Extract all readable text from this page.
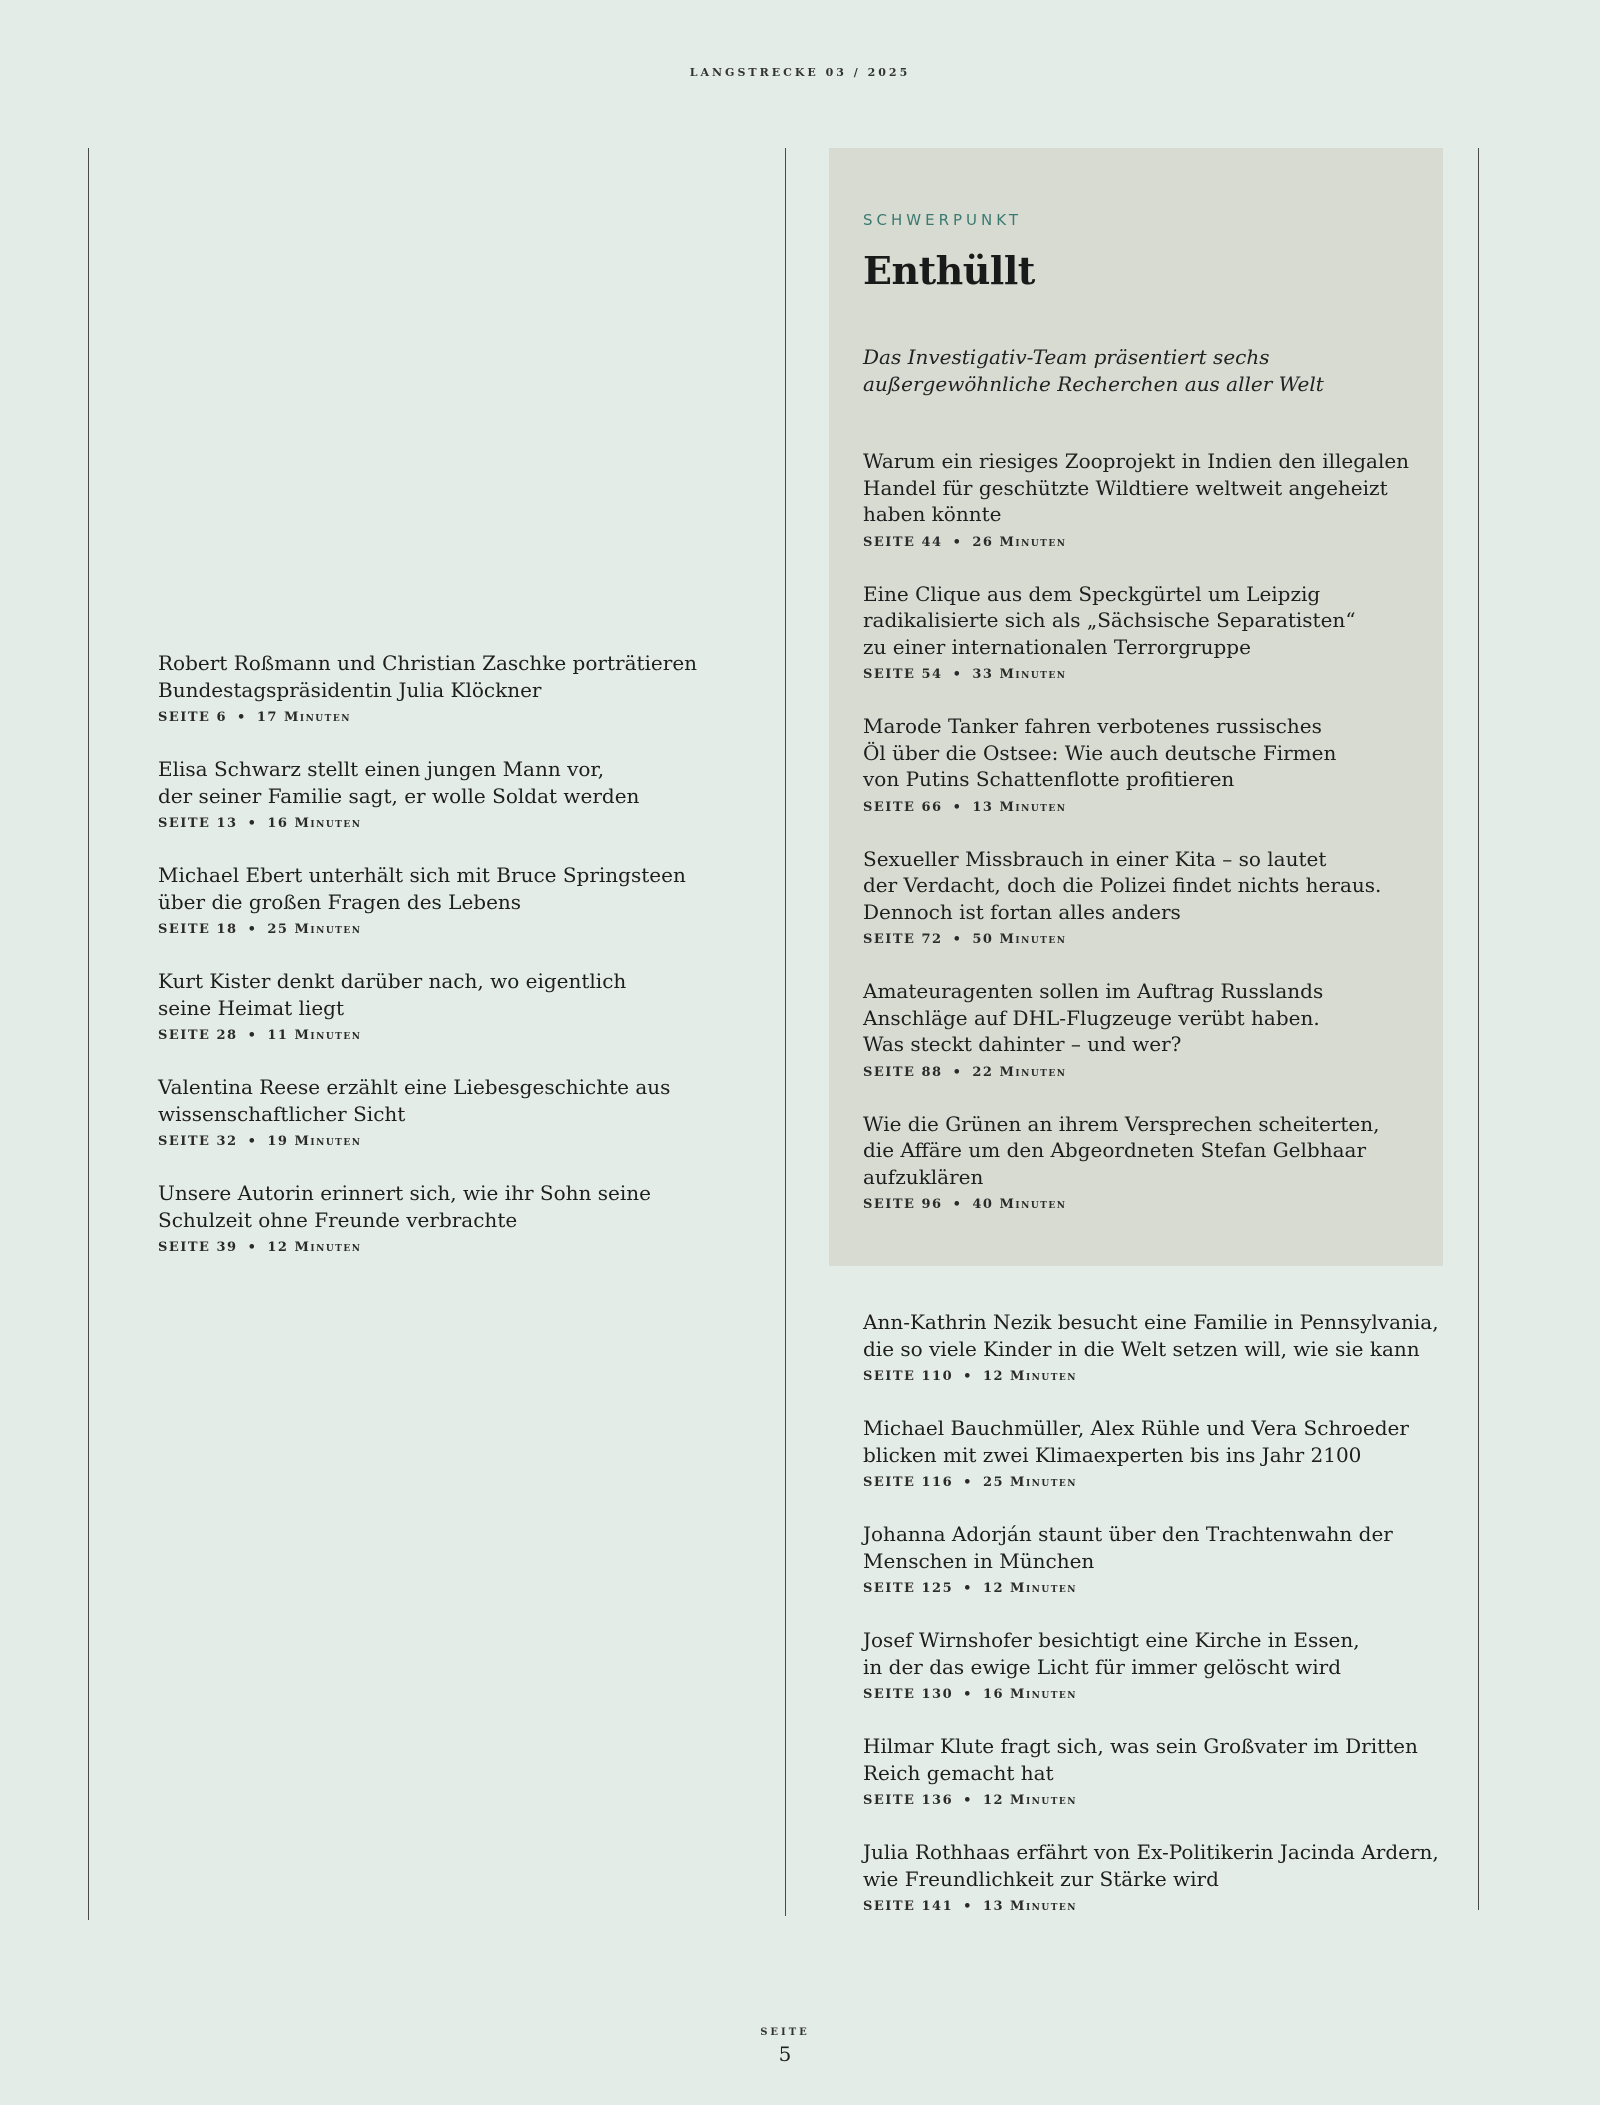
LANGSTRECKE 03 / 2025
Robert Roßmann und Christian Zaschke porträtieren
Bundestagspräsidentin Julia Klöckner
SEITE 6 • 17 Minuten
Elisa Schwarz stellt einen jungen Mann vor,
der seiner Familie sagt, er wolle Soldat werden
SEITE 13 • 16 Minuten
Michael Ebert unterhält sich mit Bruce Springsteen
über die großen Fragen des Lebens
SEITE 18 • 25 Minuten
Kurt Kister denkt darüber nach, wo eigentlich
seine Heimat liegt
SEITE 28 • 11 Minuten
Valentina Reese erzählt eine Liebesgeschichte aus
wissenschaftlicher Sicht
SEITE 32 • 19 Minuten
Unsere Autorin erinnert sich, wie ihr Sohn seine
Schulzeit ohne Freunde verbrachte
SEITE 39 • 12 Minuten
SCHWERPUNKT
Enthüllt
Das Investigativ-Team präsentiert sechs
außergewöhnliche Recherchen aus aller Welt
Warum ein riesiges Zooprojekt in Indien den illegalen
Handel für geschützte Wildtiere weltweit angeheizt
haben könnte
SEITE 44 • 26 Minuten
Eine Clique aus dem Speckgürtel um Leipzig
radikalisierte sich als „Sächsische Separatisten“
zu einer internationalen Terrorgruppe
SEITE 54 • 33 Minuten
Marode Tanker fahren verbotenes russisches
Öl über die Ostsee: Wie auch deutsche Firmen
von Putins Schattenflotte profitieren
SEITE 66 • 13 Minuten
Sexueller Missbrauch in einer Kita – so lautet
der Verdacht, doch die Polizei findet nichts heraus.
Dennoch ist fortan alles anders
SEITE 72 • 50 Minuten
Amateuragenten sollen im Auftrag Russlands
Anschläge auf DHL-Flugzeuge verübt haben.
Was steckt dahinter – und wer?
SEITE 88 • 22 Minuten
Wie die Grünen an ihrem Versprechen scheiterten,
die Affäre um den Abgeordneten Stefan Gelbhaar
aufzuklären
SEITE 96 • 40 Minuten
Ann-Kathrin Nezik besucht eine Familie in Pennsylvania,
die so viele Kinder in die Welt setzen will, wie sie kann
SEITE 110 • 12 Minuten
Michael Bauchmüller, Alex Rühle und Vera Schroeder
blicken mit zwei Klimaexperten bis ins Jahr 2100
SEITE 116 • 25 Minuten
Johanna Adorján staunt über den Trachtenwahn der
Menschen in München
SEITE 125 • 12 Minuten
Josef Wirnshofer besichtigt eine Kirche in Essen,
in der das ewige Licht für immer gelöscht wird
SEITE 130 • 16 Minuten
Hilmar Klute fragt sich, was sein Großvater im Dritten
Reich gemacht hat
SEITE 136 • 12 Minuten
Julia Rothhaas erfährt von Ex-Politikerin Jacinda Ardern,
wie Freundlichkeit zur Stärke wird
SEITE 141 • 13 Minuten
SEITE
5
